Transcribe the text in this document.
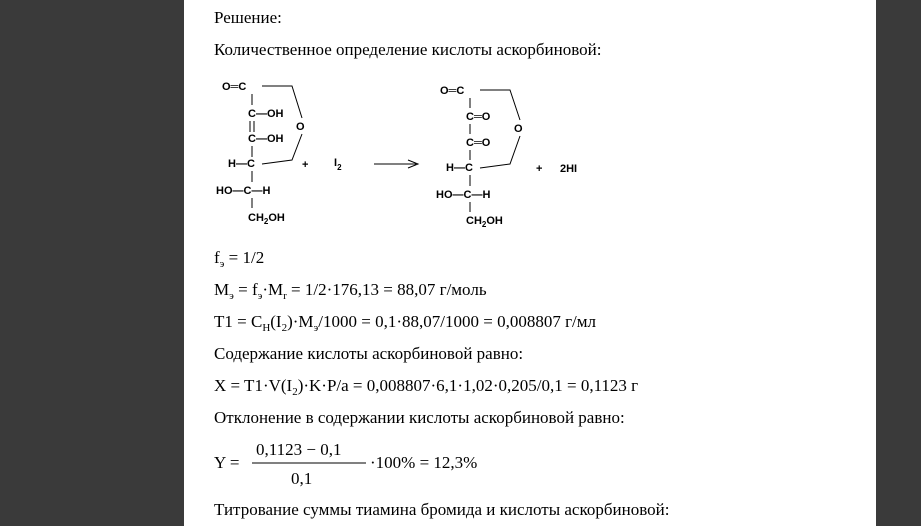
Решение:
Количественное определение кислоты аскорбиновой:
O═C
C—OH
C—OH
H—C
HO—C—H
$CH_2OH$
O
+ $I_2$
O═C
C═O
C═O
H—C
HO—C—H
$CH_2OH$
O
+ 2HI
$f_э = 1/2$
$M_э = f_э\cdot M_r = 1/2\cdot 176,13 = 88,07$ г/моль
$T1 = C_H(I_2)\cdot M_э/1000 = 0,1\cdot 88,07/1000 = 0,008807$ г/мл
Содержание кислоты аскорбиновой равно:
$X = T1\cdot V(I_2)\cdot K\cdot P/a = 0,008807\cdot 6,1\cdot 1,02\cdot 0,205/0,1 = 0,1123$ г
Отклонение в содержании кислоты аскорбиновой равно:
Y =
0,1123 − 0,1
0,1
·100% = 12,3%
Титрование суммы тиамина бромида и кислоты аскорбиновой:
